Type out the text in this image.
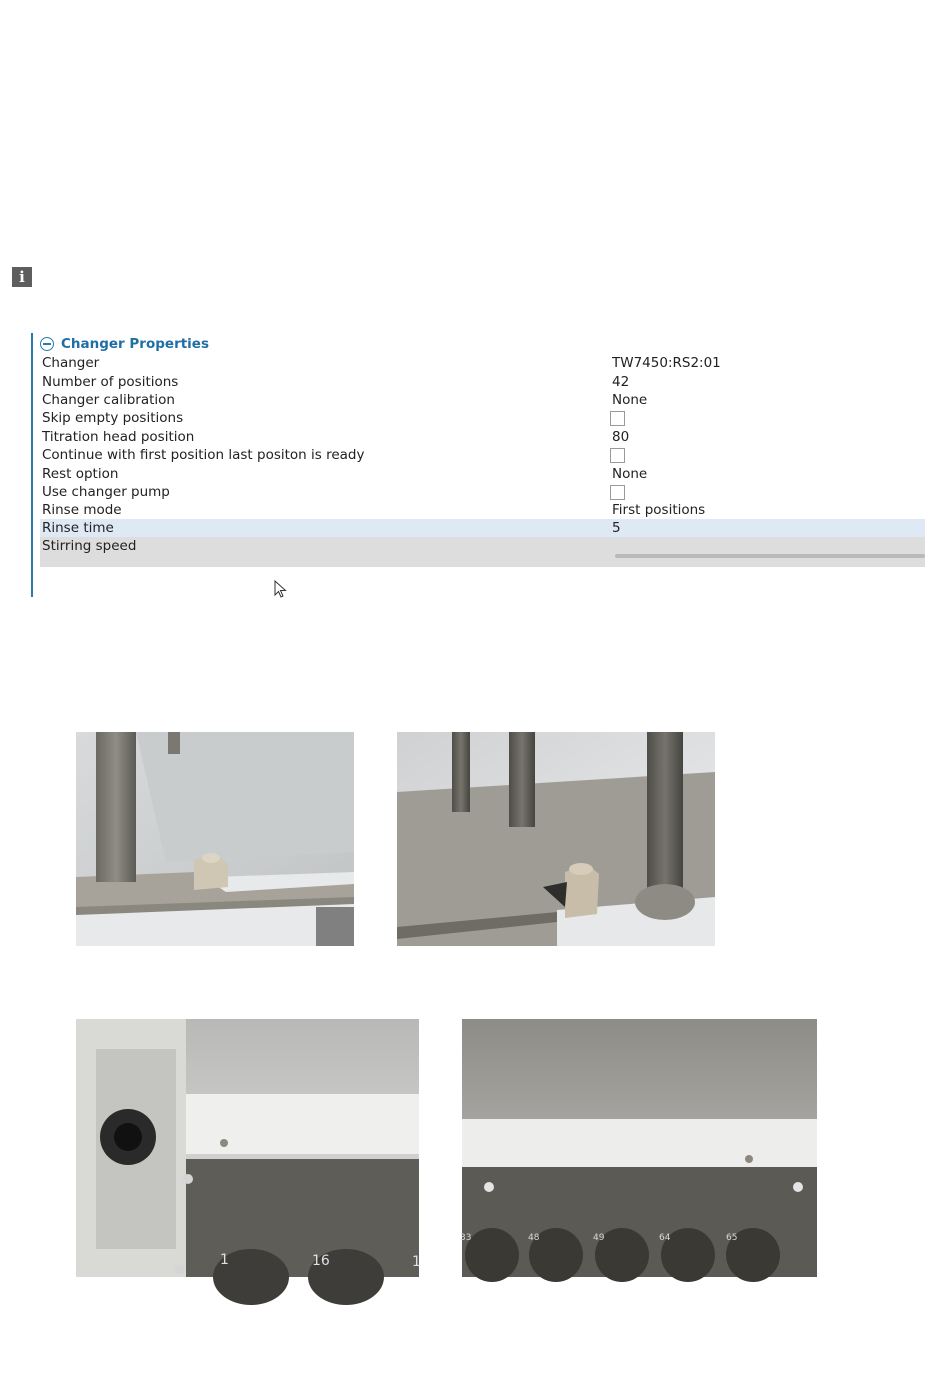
i
Changer Properties
Changer	TW7450:RS2:01
Number of positions	42
Changer calibration	None
Skip empty positions
Titration head position	80
Continue with first position last positon is ready
Rest option	None
Use changer pump
Rinse mode	First positions
Rinse time	5
Stirring speed
1	16	1
33	48	49	64	65
